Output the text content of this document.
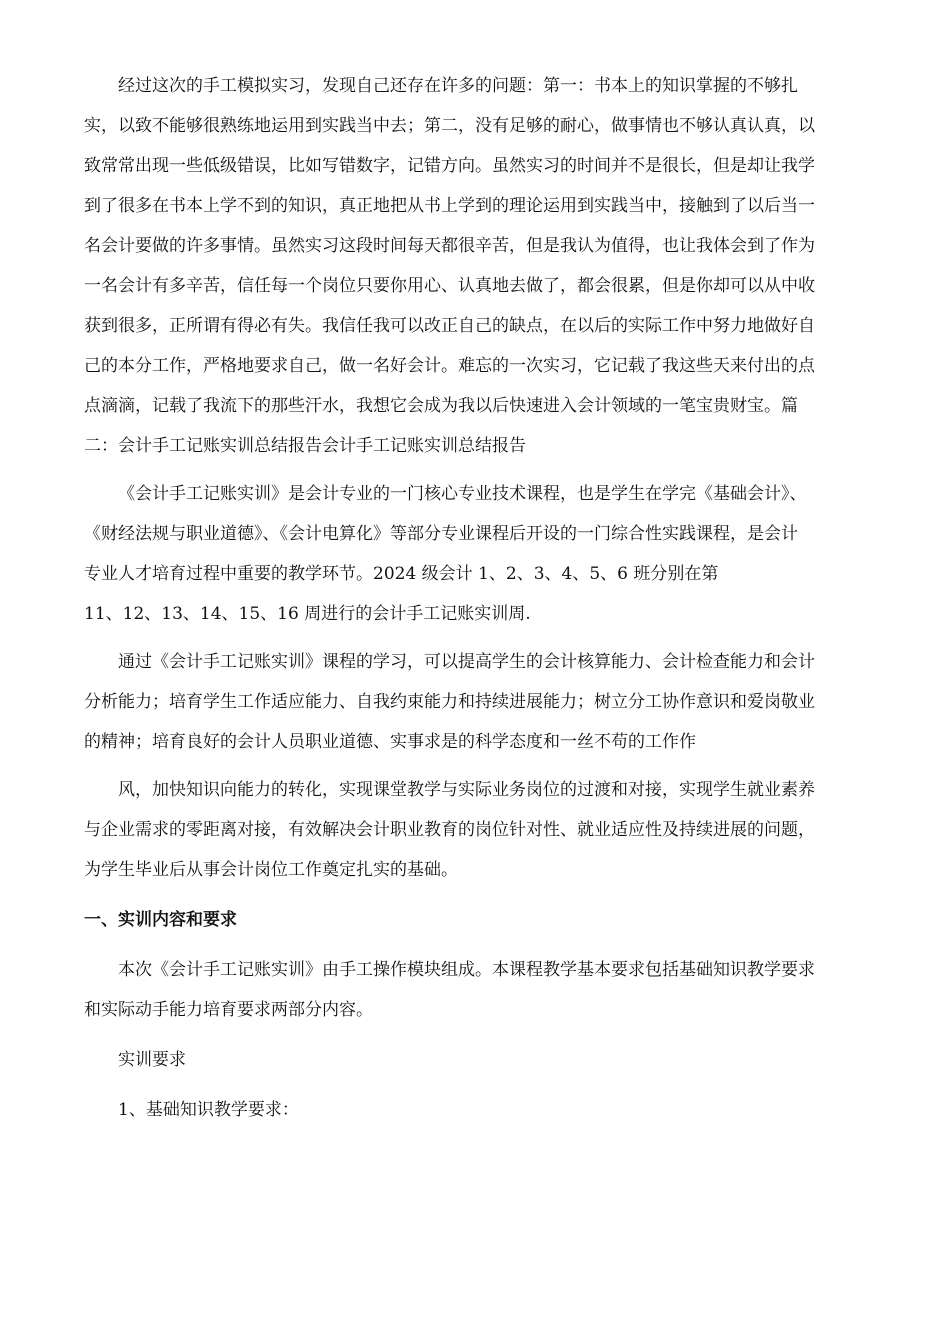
经过这次的手工模拟实习，发现自己还存在许多的问题：第一：书本上的知识掌握的不够扎
实，以致不能够很熟练地运用到实践当中去；第二，没有足够的耐心，做事情也不够认真认真，以
致常常出现一些低级错误，比如写错数字，记错方向。虽然实习的时间并不是很长，但是却让我学
到了很多在书本上学不到的知识，真正地把从书上学到的理论运用到实践当中，接触到了以后当一
名会计要做的许多事情。虽然实习这段时间每天都很辛苦，但是我认为值得，也让我体会到了作为
一名会计有多辛苦，信任每一个岗位只要你用心、认真地去做了，都会很累，但是你却可以从中收
获到很多，正所谓有得必有失。我信任我可以改正自己的缺点，在以后的实际工作中努力地做好自
己的本分工作，严格地要求自己，做一名好会计。难忘的一次实习，它记载了我这些天来付出的点
点滴滴，记载了我流下的那些汗水，我想它会成为我以后快速进入会计领域的一笔宝贵财宝。篇
二：会计手工记账实训总结报告会计手工记账实训总结报告
《会计手工记账实训》是会计专业的一门核心专业技术课程，也是学生在学完《基础会计》、
《财经法规与职业道德》、《会计电算化》等部分专业课程后开设的一门综合性实践课程，是会计
专业人才培育过程中重要的教学环节。2024 级会计 1、2、3、4、5、6 班分别在第
11、12、13、14、15、16 周进行的会计手工记账实训周.
通过《会计手工记账实训》课程的学习，可以提高学生的会计核算能力、会计检查能力和会计
分析能力；培育学生工作适应能力、自我约束能力和持续进展能力；树立分工协作意识和爱岗敬业
的精神；培育良好的会计人员职业道德、实事求是的科学态度和一丝不苟的工作作
风，加快知识向能力的转化，实现课堂教学与实际业务岗位的过渡和对接，实现学生就业素养
与企业需求的零距离对接，有效解决会计职业教育的岗位针对性、就业适应性及持续进展的问题，
为学生毕业后从事会计岗位工作奠定扎实的基础。
一、实训内容和要求
本次《会计手工记账实训》由手工操作模块组成。本课程教学基本要求包括基础知识教学要求
和实际动手能力培育要求两部分内容。

实训要求

1、基础知识教学要求：
